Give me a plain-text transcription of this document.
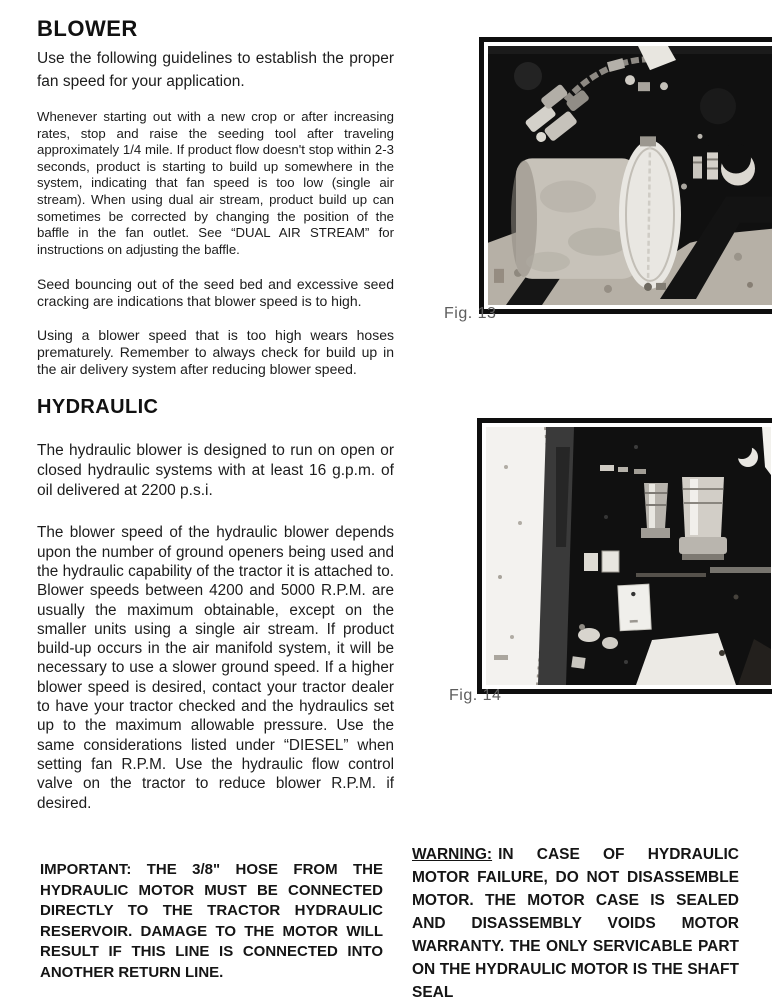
BLOWER

Use the following guidelines to establish the proper fan speed for your application.

Whenever starting out with a new crop or after increasing rates, stop and raise the seeding tool after traveling approximately 1/4 mile. If product flow doesn't stop within 2-3 seconds, product is starting to build up somewhere in the system, indicating that fan speed is too low (single air stream). When using dual air stream, product build up can sometimes be corrected by changing the position of the baffle in the fan outlet. See “DUAL AIR STREAM” for instructions on adjusting the baffle.

Seed bouncing out of the seed bed and excessive seed cracking are indications that blower speed is to high.

Using a blower speed that is too high wears hoses prematurely. Remember to always check for build up in the air delivery system after reducing blower speed.

HYDRAULIC

The hydraulic blower is designed to run on open or closed hydraulic systems with at least 16 g.p.m. of oil delivered at 2200 p.s.i.

The blower speed of the hydraulic blower depends upon the number of ground openers being used and the hydraulic capability of the tractor it is attached to. Blower speeds between 4200 and 5000 R.P.M. are usually the maximum obtainable, except on the smaller units using a single air stream. If product build-up occurs in the air manifold system, it will be necessary to use a slower ground speed. If a higher blower speed is desired, contact your tractor dealer to have your tractor checked and the hydraulics set up to the maximum allowable pressure. Use the same considerations listed under “DIESEL” when setting fan R.P.M. Use the hydraulic flow control valve on the tractor to reduce blower R.P.M. if desired.

Fig. 13
Fig. 14

IMPORTANT: THE 3/8" HOSE FROM THE HYDRAULIC MOTOR MUST BE CONNECTED DIRECTLY TO THE TRACTOR HYDRAULIC RESERVOIR. DAMAGE TO THE MOTOR WILL RESULT IF THIS LINE IS CONNECTED INTO ANOTHER RETURN LINE.

WARNING: IN CASE OF HYDRAULIC MOTOR FAILURE, DO NOT DISASSEMBLE MOTOR. THE MOTOR CASE IS SEALED AND DISASSEMBLY VOIDS MOTOR WARRANTY. THE ONLY SERVICABLE PART ON THE HYDRAULIC MOTOR IS THE SHAFT SEAL
